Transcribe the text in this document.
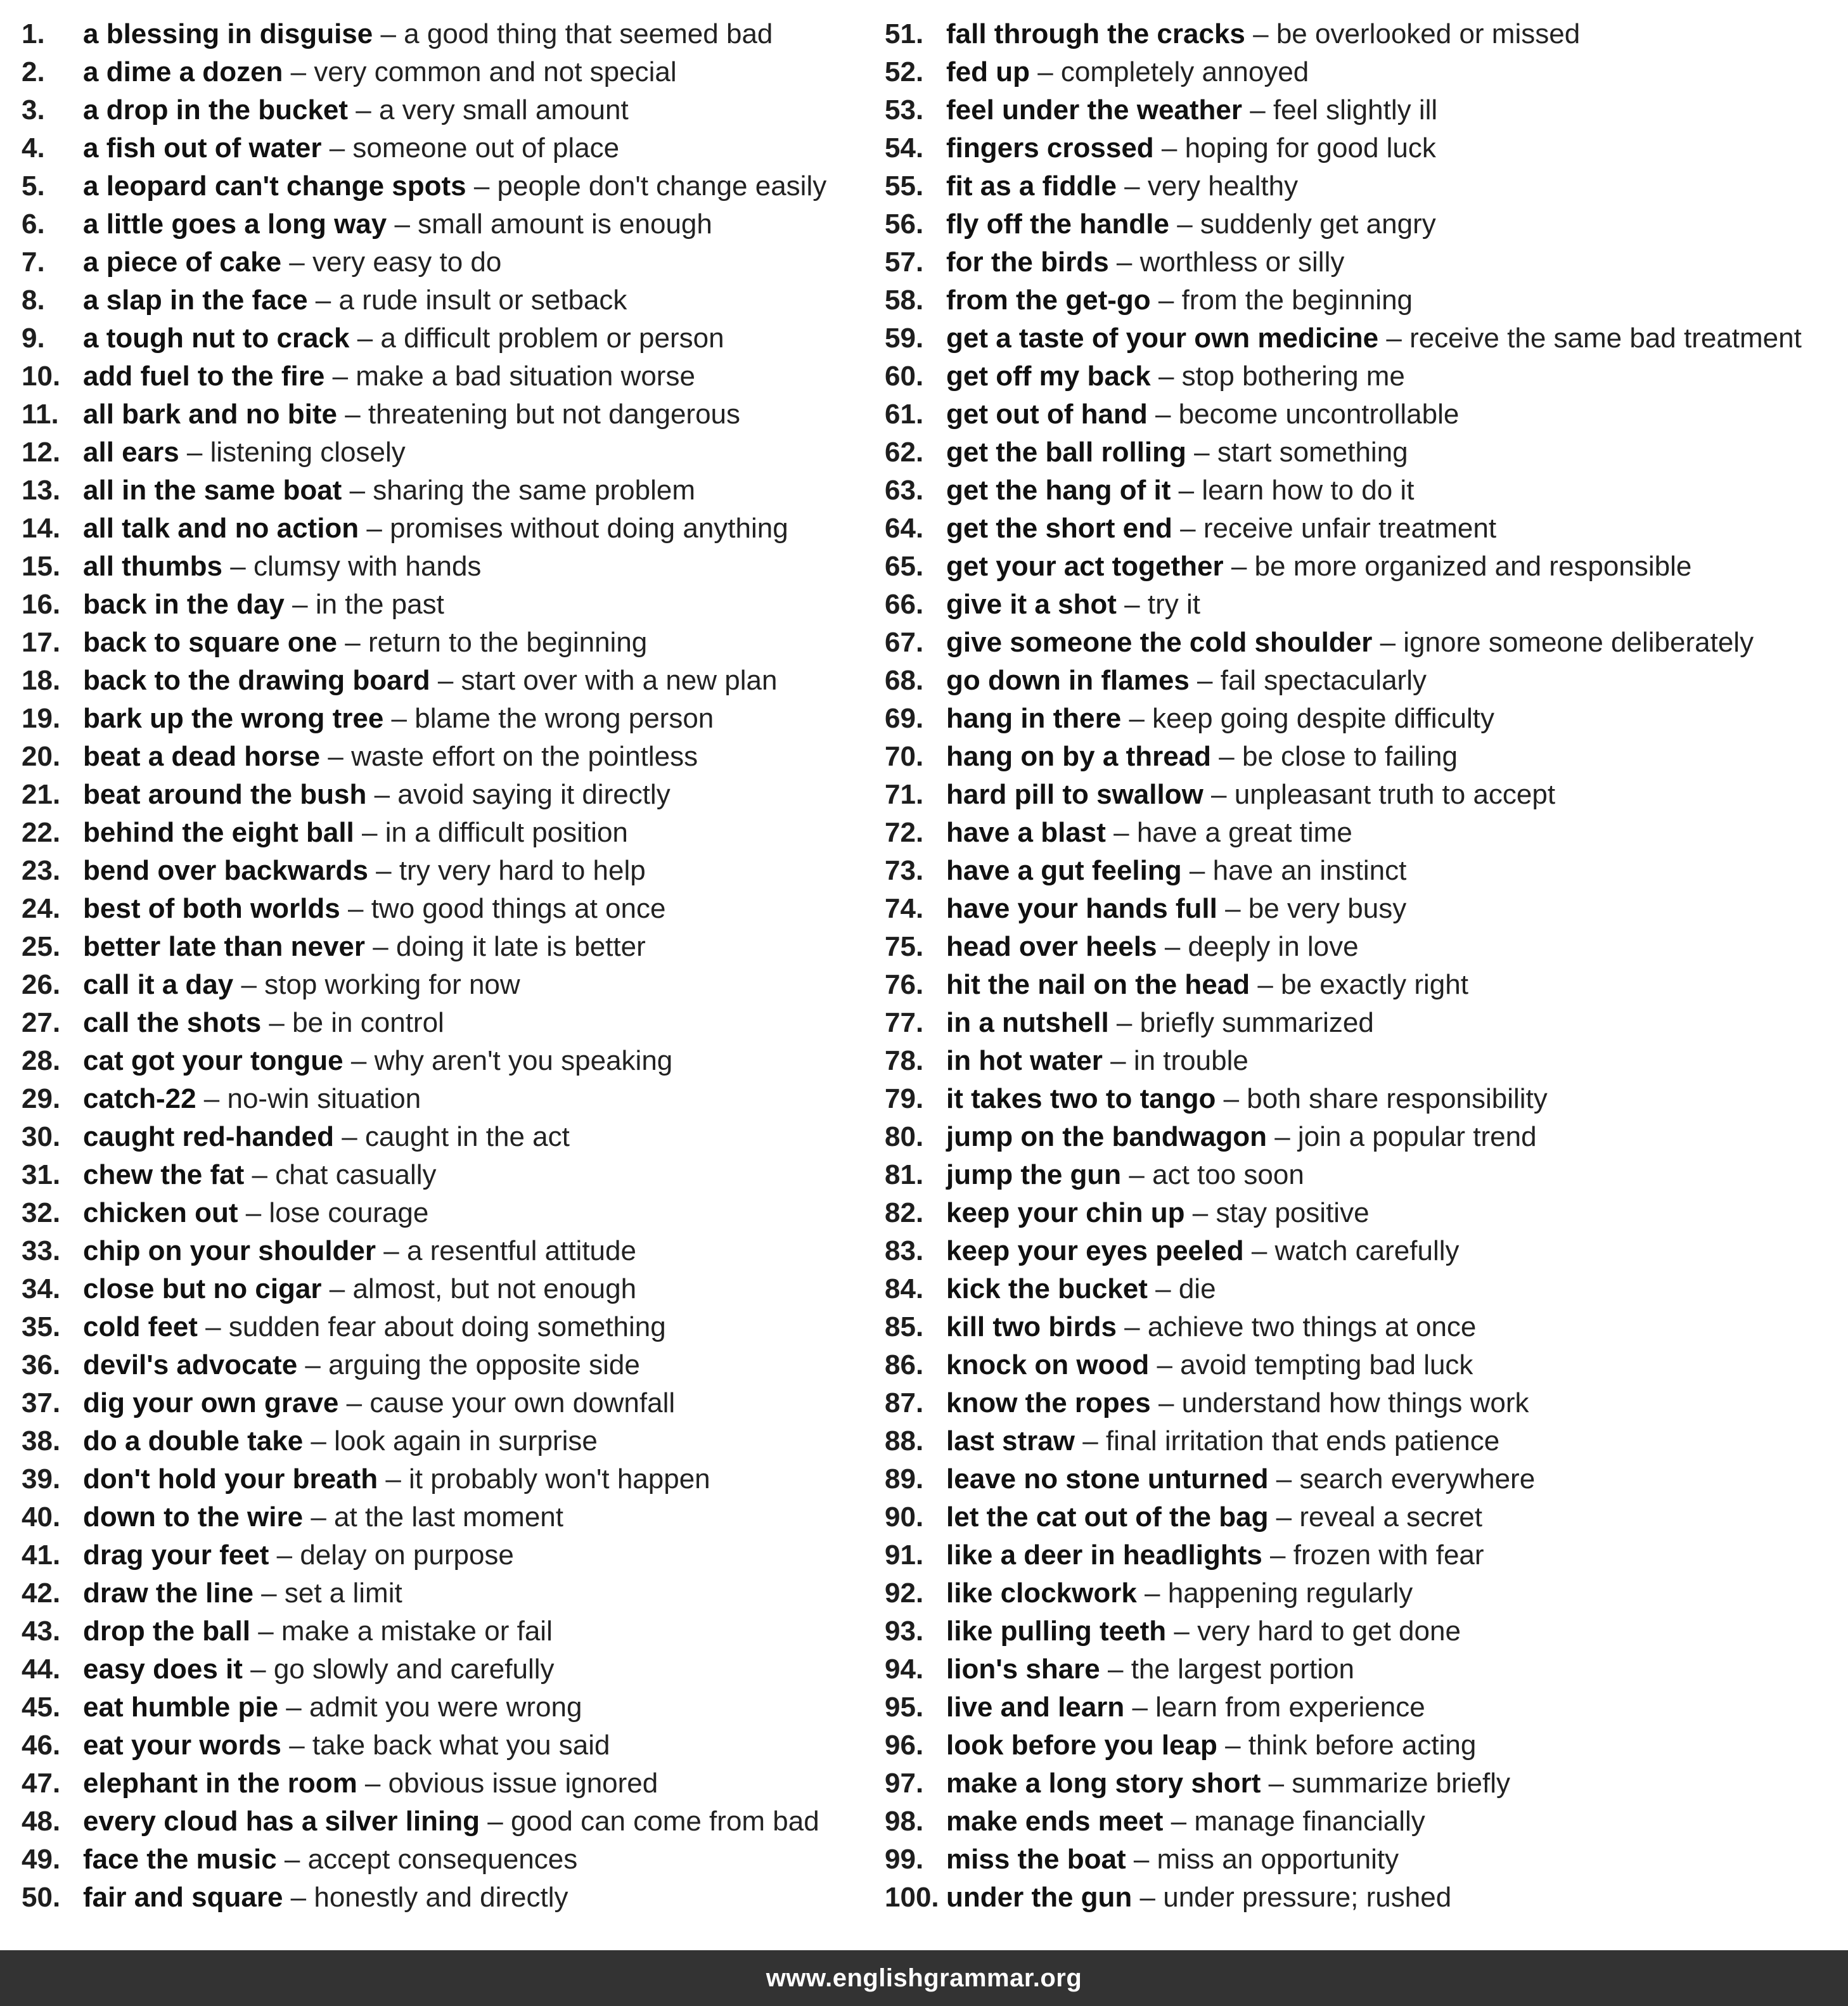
1.	a blessing in disguise – a good thing that seemed bad
2.	a dime a dozen – very common and not special
3.	a drop in the bucket – a very small amount
4.	a fish out of water – someone out of place
5.	a leopard can't change spots – people don't change easily
6.	a little goes a long way – small amount is enough
7.	a piece of cake – very easy to do
8.	a slap in the face – a rude insult or setback
9.	a tough nut to crack – a difficult problem or person
10. add fuel to the fire – make a bad situation worse
11. all bark and no bite – threatening but not dangerous
12. all ears – listening closely
13. all in the same boat – sharing the same problem
14. all talk and no action – promises without doing anything
15. all thumbs – clumsy with hands
16. back in the day – in the past
17. back to square one – return to the beginning
18. back to the drawing board – start over with a new plan
19. bark up the wrong tree – blame the wrong person
20. beat a dead horse – waste effort on the pointless
21. beat around the bush – avoid saying it directly
22. behind the eight ball – in a difficult position
23. bend over backwards – try very hard to help
24. best of both worlds – two good things at once
25. better late than never – doing it late is better
26. call it a day – stop working for now
27. call the shots – be in control
28. cat got your tongue – why aren't you speaking
29. catch-22 – no-win situation
30. caught red-handed – caught in the act
31. chew the fat – chat casually
32. chicken out – lose courage
33. chip on your shoulder – a resentful attitude
34. close but no cigar – almost, but not enough
35. cold feet – sudden fear about doing something
36. devil's advocate – arguing the opposite side
37. dig your own grave – cause your own downfall
38. do a double take – look again in surprise
39. don't hold your breath – it probably won't happen
40. down to the wire – at the last moment
41. drag your feet – delay on purpose
42. draw the line – set a limit
43. drop the ball – make a mistake or fail
44. easy does it – go slowly and carefully
45. eat humble pie – admit you were wrong
46. eat your words – take back what you said
47. elephant in the room – obvious issue ignored
48. every cloud has a silver lining – good can come from bad
49. face the music – accept consequences
50. fair and square – honestly and directly
51. fall through the cracks – be overlooked or missed
52. fed up – completely annoyed
53. feel under the weather – feel slightly ill
54. fingers crossed – hoping for good luck
55. fit as a fiddle – very healthy
56. fly off the handle – suddenly get angry
57. for the birds – worthless or silly
58. from the get-go – from the beginning
59. get a taste of your own medicine – receive the same bad treatment
60. get off my back – stop bothering me
61. get out of hand – become uncontrollable
62. get the ball rolling – start something
63. get the hang of it – learn how to do it
64. get the short end – receive unfair treatment
65. get your act together – be more organized and responsible
66. give it a shot – try it
67. give someone the cold shoulder – ignore someone deliberately
68. go down in flames – fail spectacularly
69. hang in there – keep going despite difficulty
70. hang on by a thread – be close to failing
71. hard pill to swallow – unpleasant truth to accept
72. have a blast – have a great time
73. have a gut feeling – have an instinct
74. have your hands full – be very busy
75. head over heels – deeply in love
76. hit the nail on the head – be exactly right
77. in a nutshell – briefly summarized
78. in hot water – in trouble
79. it takes two to tango – both share responsibility
80. jump on the bandwagon – join a popular trend
81. jump the gun – act too soon
82. keep your chin up – stay positive
83. keep your eyes peeled – watch carefully
84. kick the bucket – die
85. kill two birds – achieve two things at once
86. knock on wood – avoid tempting bad luck
87. know the ropes – understand how things work
88. last straw – final irritation that ends patience
89. leave no stone unturned – search everywhere
90. let the cat out of the bag – reveal a secret
91. like a deer in headlights – frozen with fear
92. like clockwork – happening regularly
93. like pulling teeth – very hard to get done
94. lion's share – the largest portion
95. live and learn – learn from experience
96. look before you leap – think before acting
97. make a long story short – summarize briefly
98. make ends meet – manage financially
99. miss the boat – miss an opportunity
100. under the gun – under pressure; rushed
www.englishgrammar.org
